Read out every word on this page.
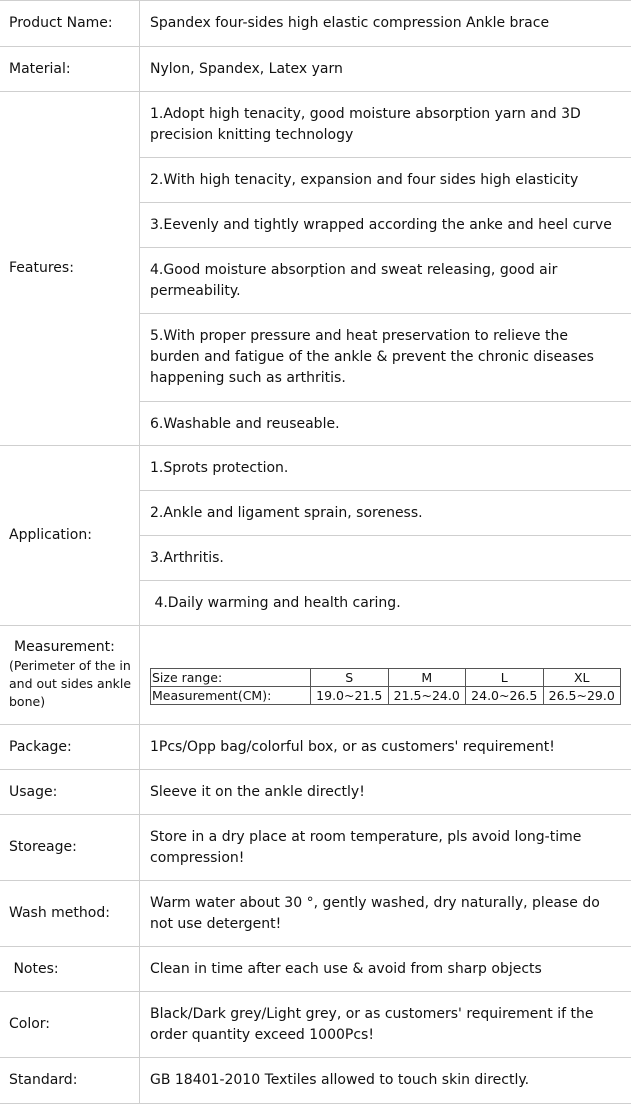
Product Name:	Spandex four-sides high elastic compression Ankle brace
Material:	Nylon, Spandex, Latex yarn
Features:
1.Adopt high tenacity, good moisture absorption yarn and 3D precision knitting technology
2.With high tenacity, expansion and four sides high elasticity
3.Eevenly and tightly wrapped according the anke and heel curve
4.Good moisture absorption and sweat releasing, good air permeability.
5.With proper pressure and heat preservation to relieve the burden and fatigue of the ankle & prevent the chronic diseases happening such as arthritis.
6.Washable and reuseable.
Application:
1.Sprots protection.
2.Ankle and ligament sprain, soreness.
3.Arthritis.
4.Daily warming and health caring.
Measurement:
(Perimeter of the in and out sides ankle bone)
Size range:	S	M	L	XL
Measurement(CM):	19.0~21.5	21.5~24.0	24.0~26.5	26.5~29.0
Package:	1Pcs/Opp bag/colorful box, or as customers' requirement!
Usage:	Sleeve it on the ankle directly!
Storeage:
Store in a dry place at room temperature, pls avoid long-time compression!
Wash method:
Warm water about 30 °, gently washed, dry naturally, please do not use detergent!
Notes:	Clean in time after each use & avoid from sharp objects
Color:
Black/Dark grey/Light grey, or as customers' requirement if the order quantity exceed 1000Pcs!
Standard:	GB 18401-2010 Textiles allowed to touch skin directly.
